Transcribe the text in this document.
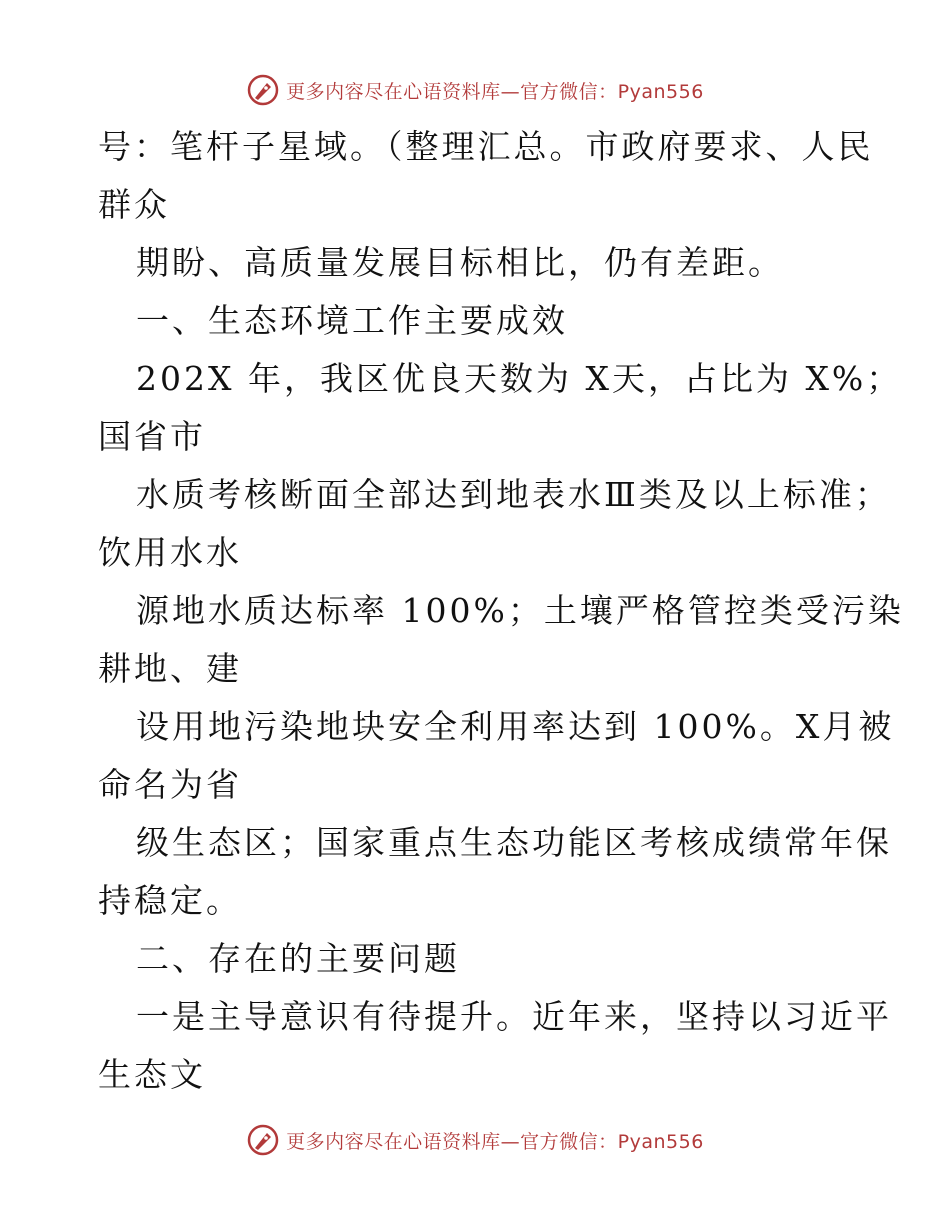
更多内容尽在心语资料库—官方微信：Pyan556
号：笔杆子星域。（整理汇总。市政府要求、人民
群众
期盼、高质量发展目标相比，仍有差距。
一、生态环境工作主要成效
202X 年，我区优良天数为 X天，占比为 X%；
国省市
水质考核断面全部达到地表水Ⅲ类及以上标准；
饮用水水
源地水质达标率 100%；土壤严格管控类受污染
耕地、建
设用地污染地块安全利用率达到 100%。X月被
命名为省
级生态区；国家重点生态功能区考核成绩常年保
持稳定。
二、存在的主要问题
一是主导意识有待提升。近年来，坚持以习近平
生态文
更多内容尽在心语资料库—官方微信：Pyan556
